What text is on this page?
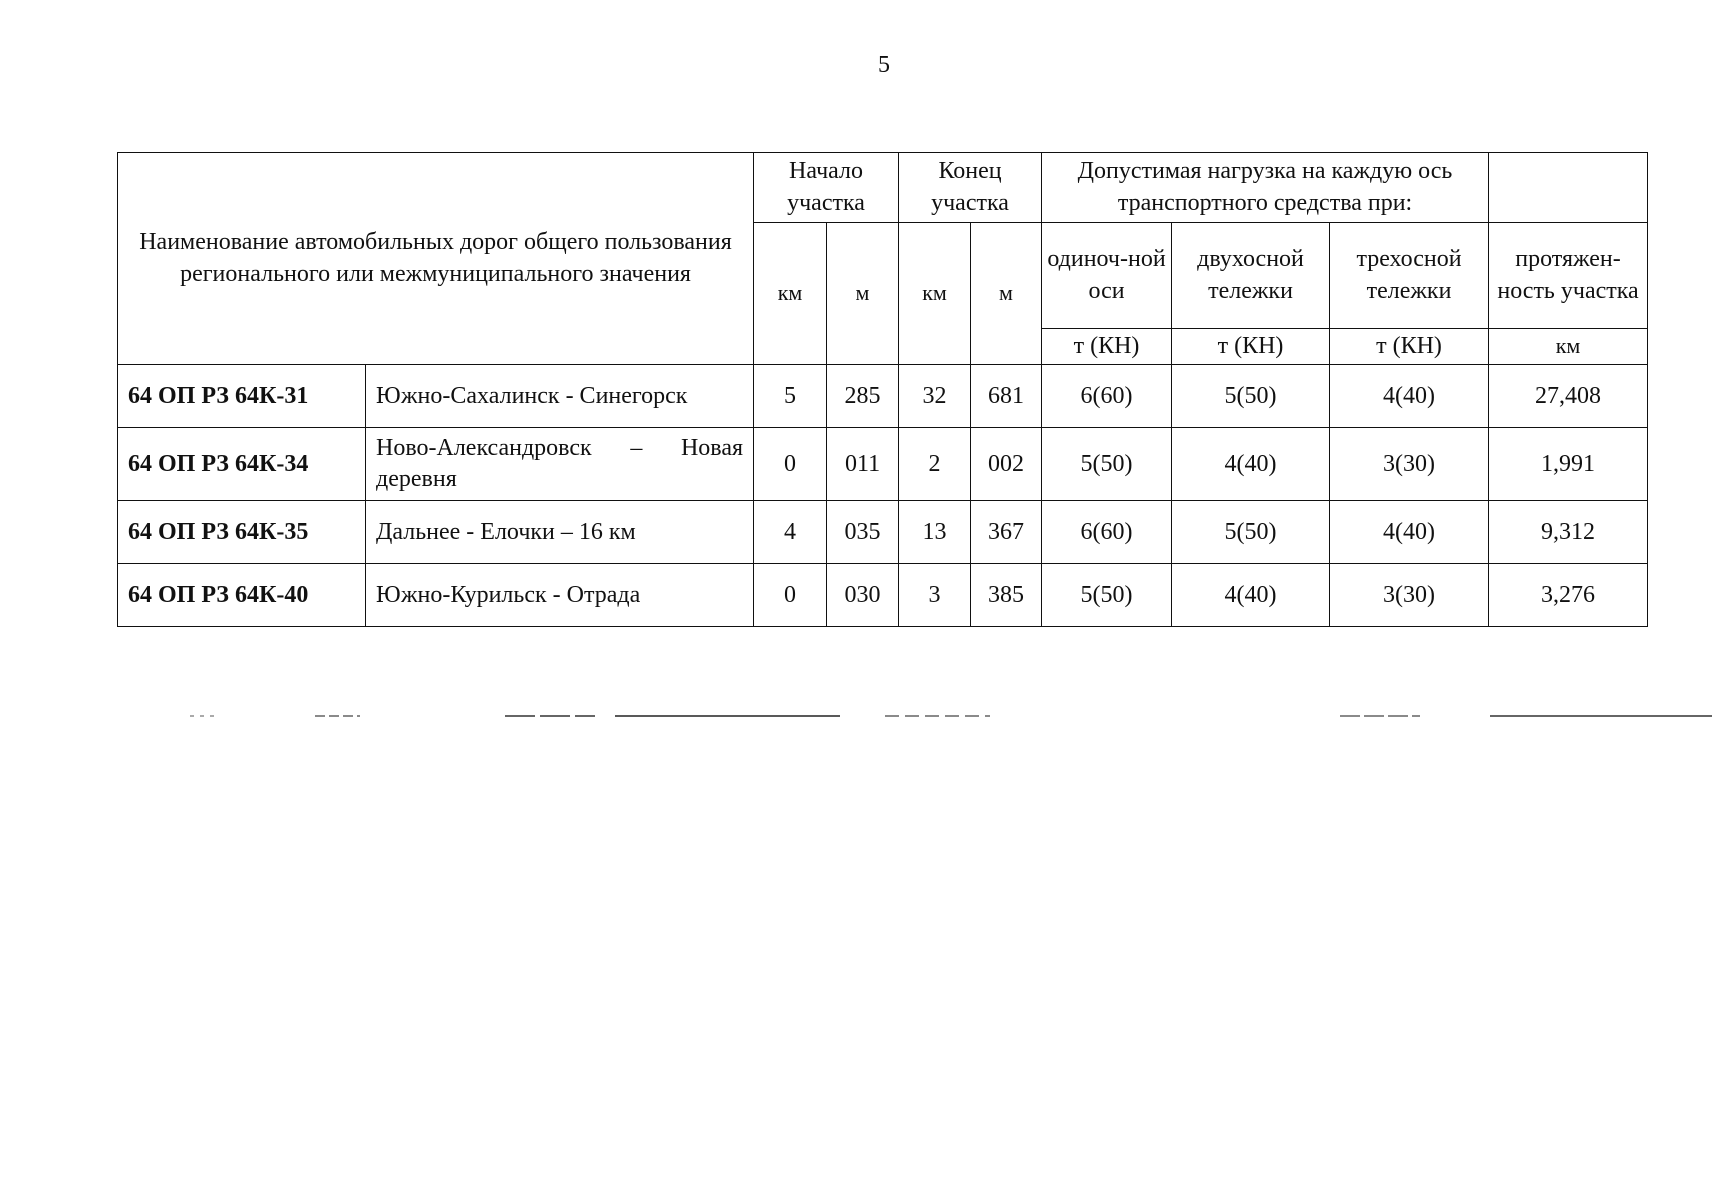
5
Наименование автомобильных дорог общего пользования регионального или межмуниципального значения		Начало участка		Конец участка		Допустимая нагрузка на каждую ось транспортного средства при:			
		км	м	км	м	одиноч-ной оси	двухосной тележки	трехосной тележки	протяжен-ность участка
						т (КН)	т (КН)	т (КН)	км
64 ОП РЗ 64К-31	Южно-Сахалинск - Синегорск	5	285	32	681	6(60)	5(50)	4(40)	27,408
64 ОП РЗ 64К-34	Ново-Александровск – Новая деревня	0	011	2	002	5(50)	4(40)	3(30)	1,991
64 ОП РЗ 64К-35	Дальнее - Елочки – 16 км	4	035	13	367	6(60)	5(50)	4(40)	9,312
64 ОП РЗ 64К-40	Южно-Курильск - Отрада	0	030	3	385	5(50)	4(40)	3(30)	3,276
